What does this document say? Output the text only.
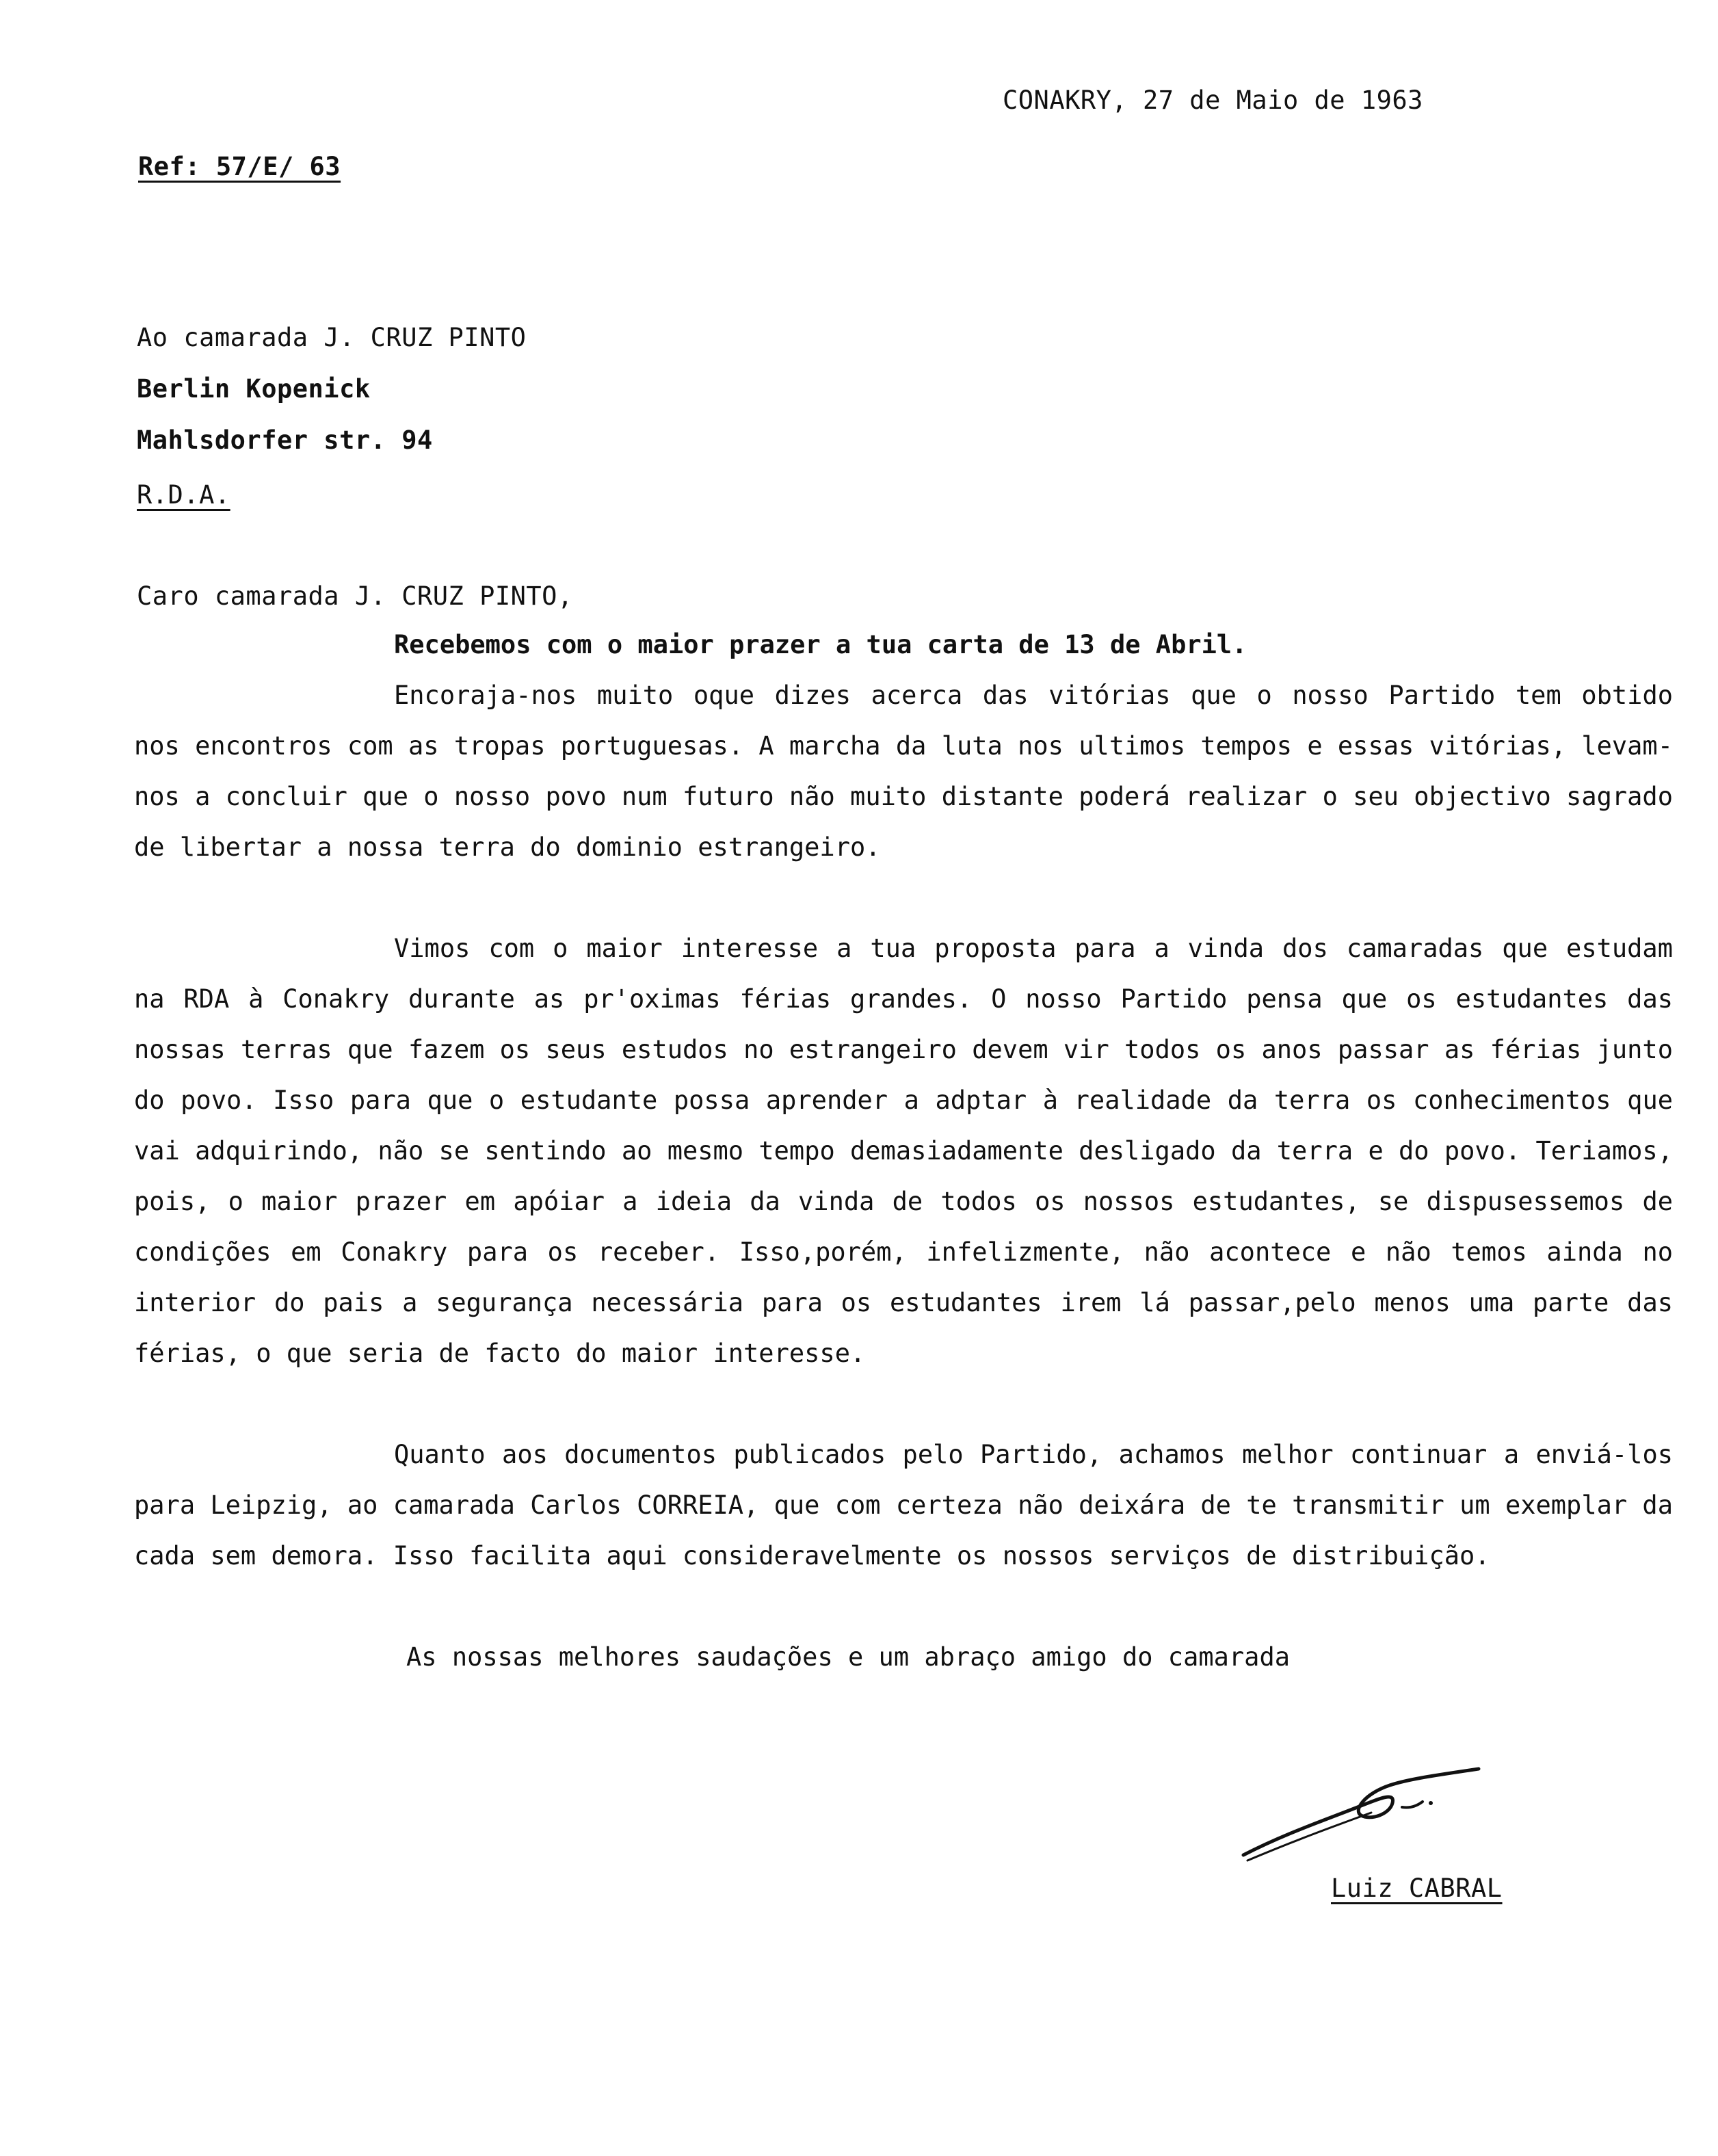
CONAKRY, 27 de Maio de 1963
Ref: 57/E/ 63
Ao camarada J. CRUZ PINTO
Berlin Kopenick
Mahlsdorfer str. 94
R.D.A.
Caro camarada J. CRUZ PINTO,

Recebemos com o maior prazer a tua carta de 13 de Abril.

Encoraja-nos muito oque dizes acerca das vitórias que o nosso Partido tem obtido nos encontros com as tropas portuguesas. A marcha da luta nos ultimos tempos e essas vitórias, levam-nos a concluir que o nosso povo num futuro não muito distante poderá realizar o seu objectivo sagrado de libertar a nossa terra do dominio estrangeiro.

Vimos com o maior interesse a tua proposta para a vinda dos camaradas que estudam na RDA à Conakry durante as pr'oximas férias grandes. O nosso Partido pensa que os estudantes das nossas terras que fazem os seus estudos no estrangeiro devem vir todos os anos passar as férias junto do povo. Isso para que o estudante possa aprender a adptar à realidade da terra os conhecimentos que vai adquirindo, não se sentindo ao mesmo tempo demasiadamente desligado da terra e do povo. Teriamos, pois, o maior prazer em apóiar a ideia da vinda de todos os nossos estudantes, se dispusessemos de condições em Conakry para os receber. Isso,porém, infelizmente, não acontece e não temos ainda no interior do pais a segurança necessária para os estudantes irem lá passar,pelo menos uma parte das férias, o que seria de facto do maior interesse.

Quanto aos documentos publicados pelo Partido, achamos melhor continuar a enviá-los para Leipzig, ao camarada Carlos CORREIA, que com certeza não deixára de te transmitir um exemplar da cada sem demora. Isso facilita aqui consideravelmente os nossos serviços de distribuição.

As nossas melhores saudações e um abraço amigo do camarada

Luiz CABRAL
